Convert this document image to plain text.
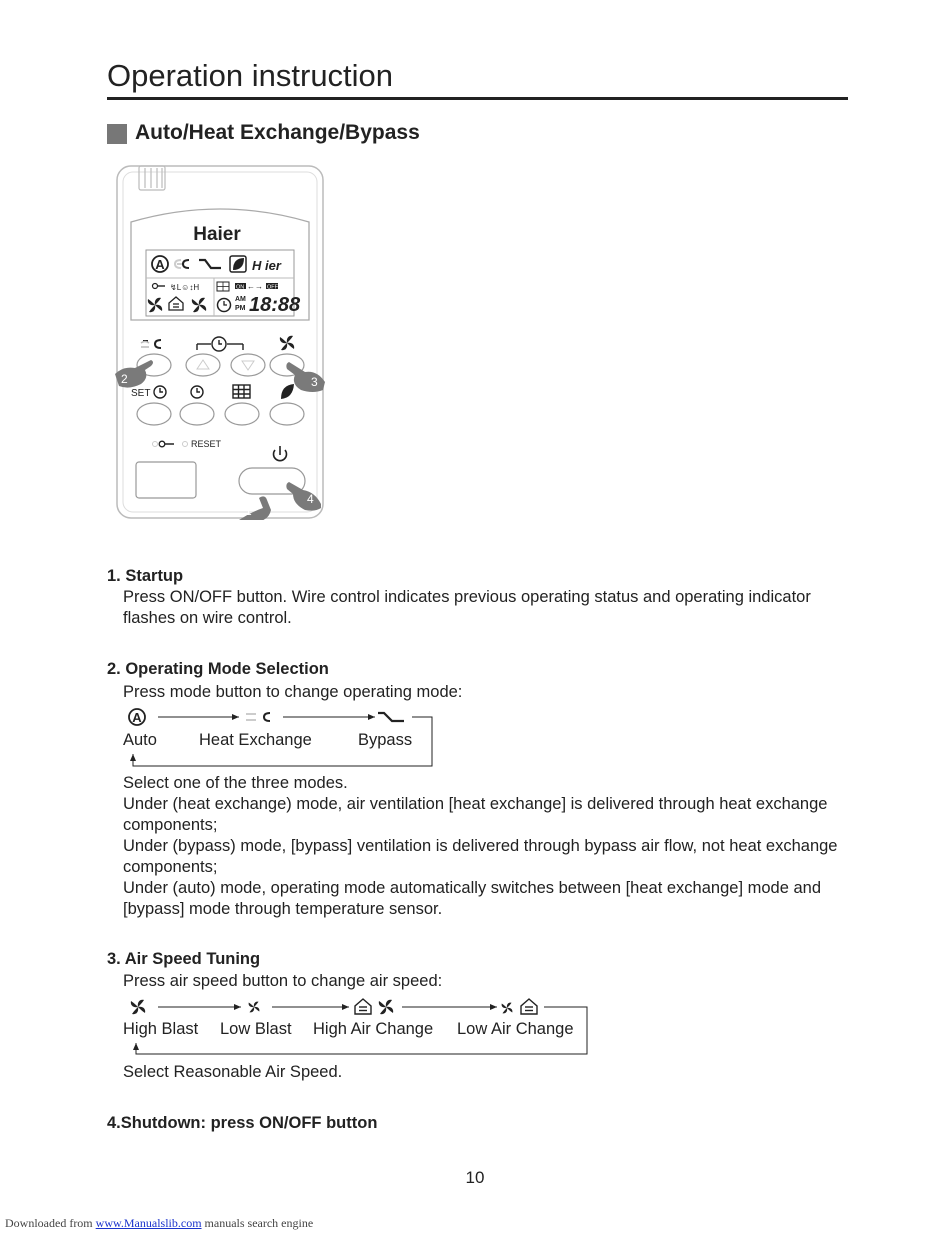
Operation instruction
Auto/Heat Exchange/Bypass
Haier
A	H ier
↯L☺↕H	ON ←→ OFF
AM
PM 18:88
SET
RESET
1
2	3
4
1. Startup
Press ON/OFF button. Wire control indicates previous operating status and operating indicator flashes on wire control.
2. Operating Mode Selection
Press mode button to change operating mode:
A
Auto	Heat Exchange	Bypass
Select one of the three modes.
Under (heat exchange) mode, air ventilation [heat exchange] is delivered through heat exchange components;
Under (bypass) mode, [bypass] ventilation is delivered through bypass air flow, not heat exchange components;
Under (auto) mode, operating mode automatically switches between [heat exchange] mode and [bypass] mode through temperature sensor.
3. Air Speed Tuning
Press air speed button to change air speed:
High Blast Low Blast High Air Change Low Air Change
Select Reasonable Air Speed.
4.Shutdown: press ON/OFF button
10
Downloaded from www.Manualslib.com manuals search engine
